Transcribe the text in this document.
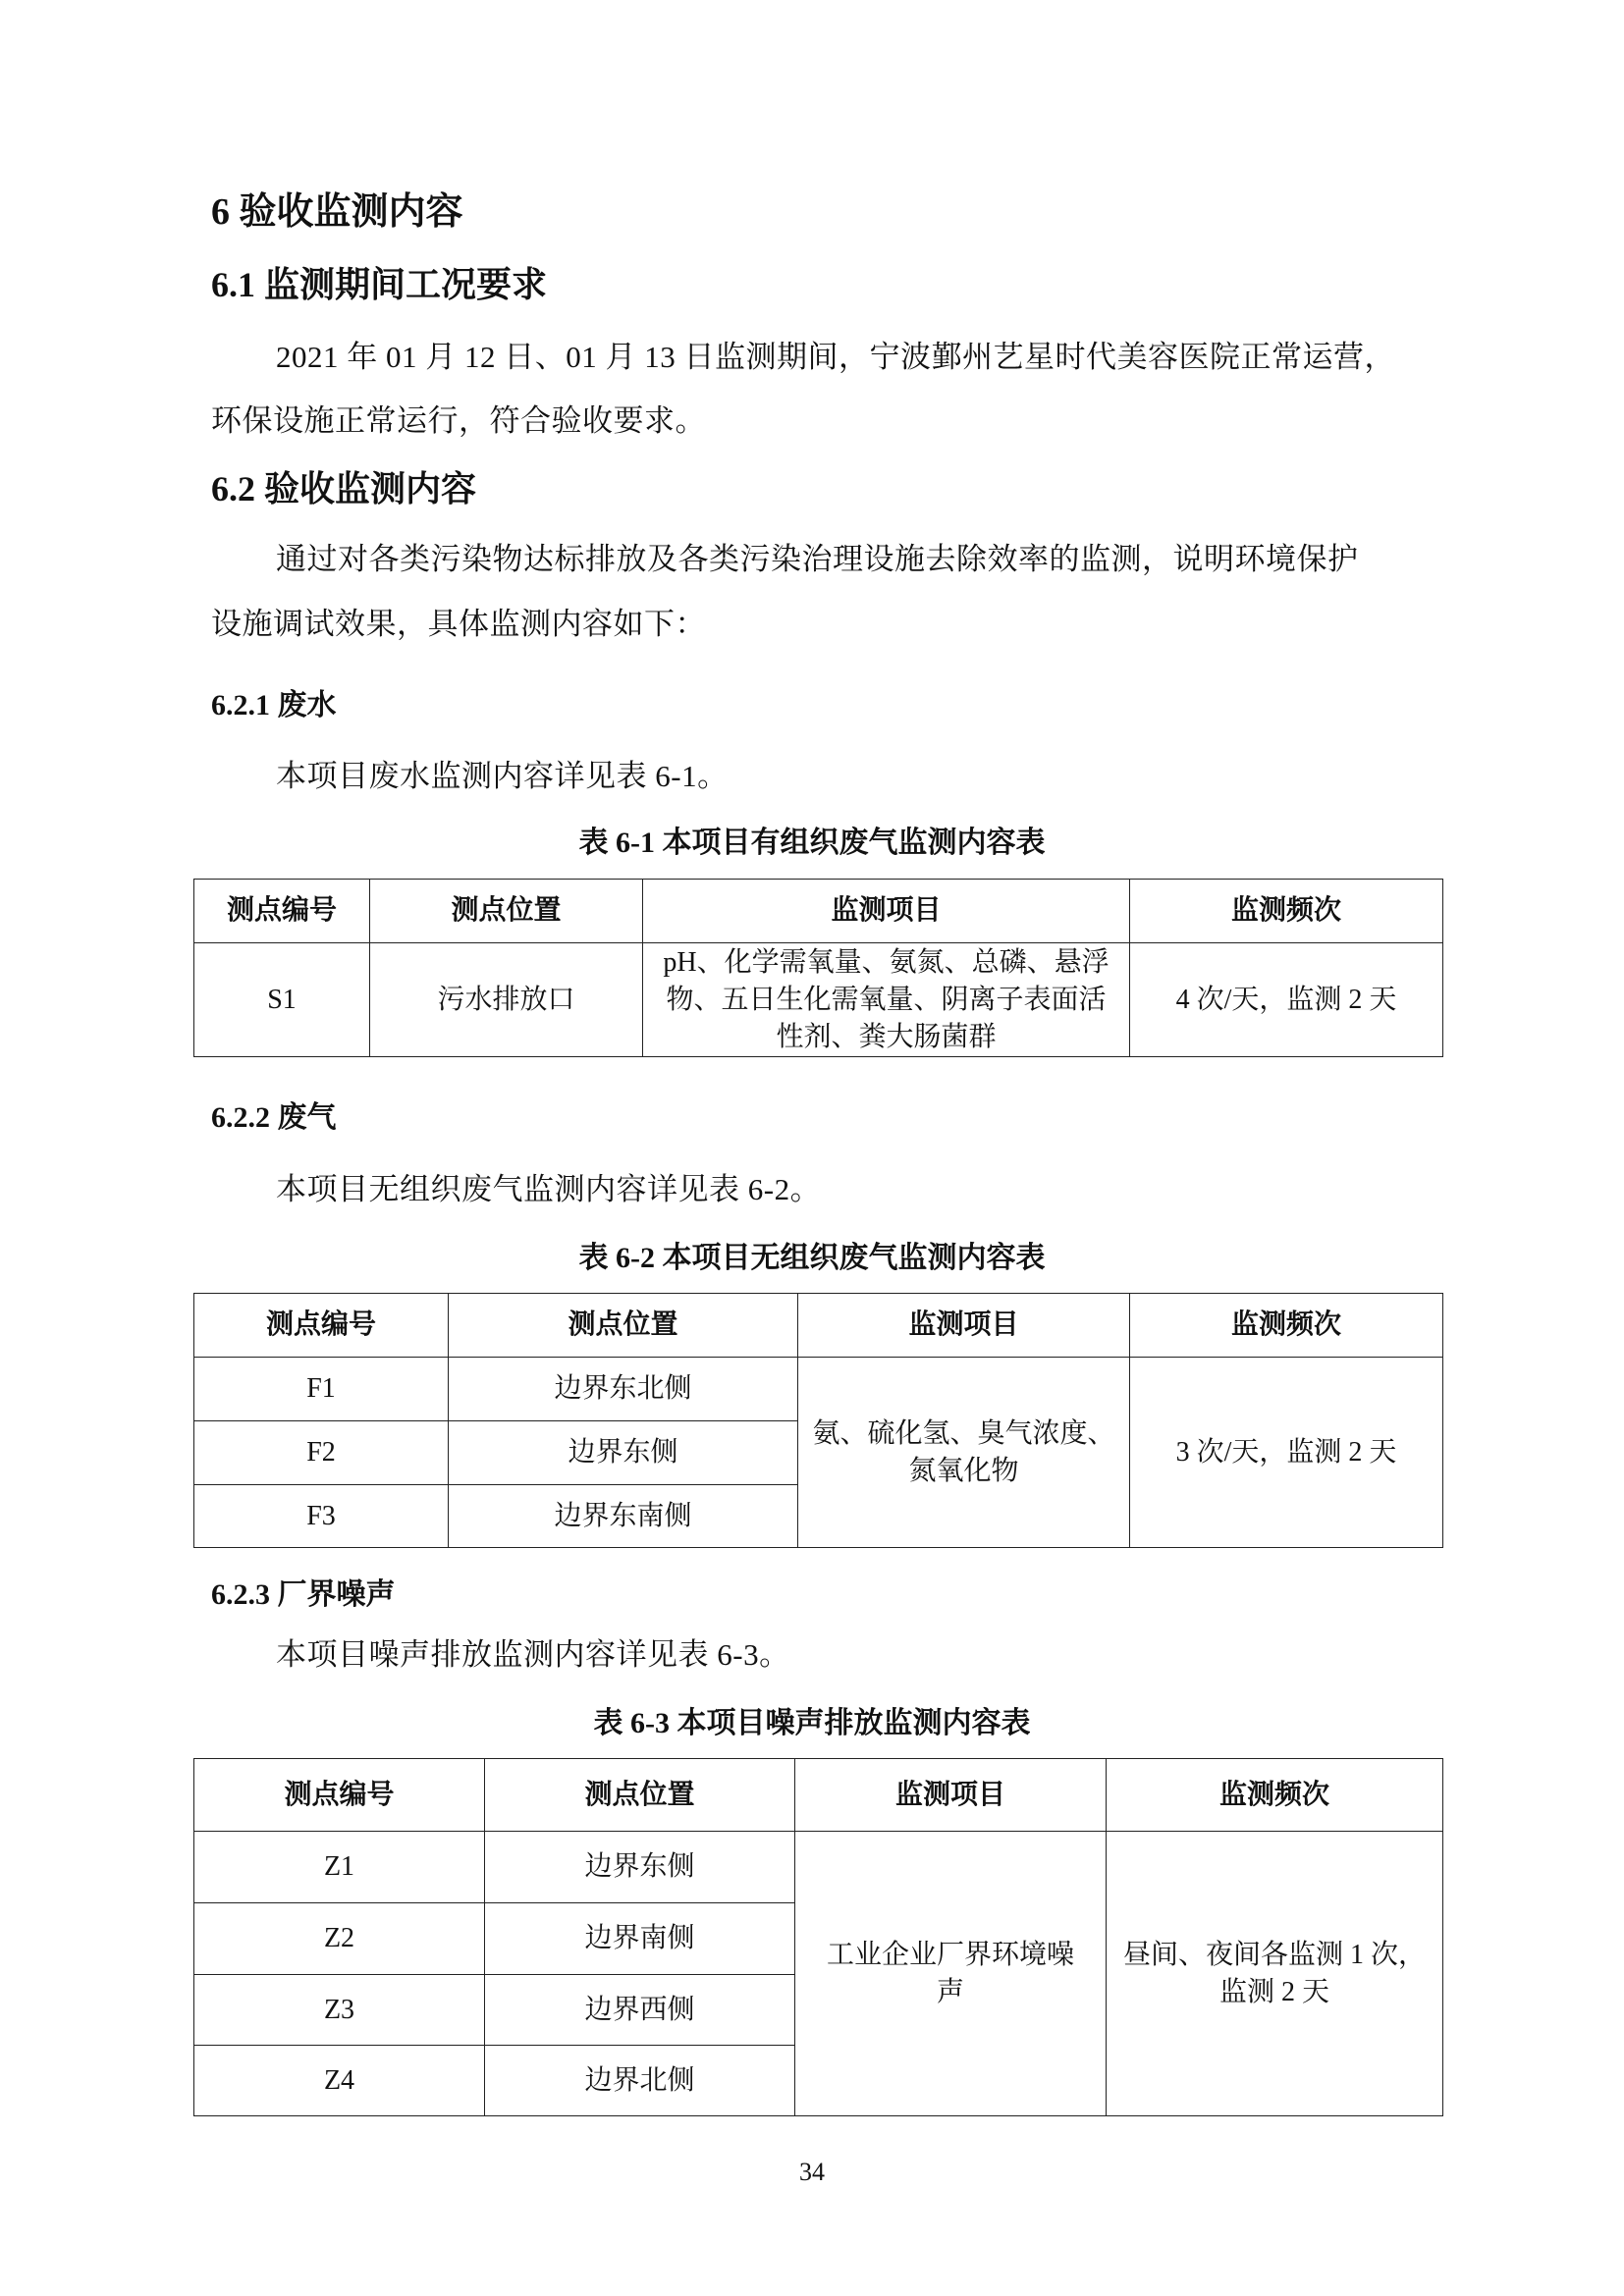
6 验收监测内容
6.1 监测期间工况要求
2021 年 01 月 12 日、01 月 13 日监测期间，宁波鄞州艺星时代美容医院正常运营，
环保设施正常运行，符合验收要求。
6.2 验收监测内容
通过对各类污染物达标排放及各类污染治理设施去除效率的监测，说明环境保护
设施调试效果，具体监测内容如下：
6.2.1 废水
本项目废水监测内容详见表 6-1。
表 6-1 本项目有组织废气监测内容表
测点编号	测点位置	监测项目	监测频次
S1	污水排放口	pH、化学需氧量、氨氮、总磷、悬浮物、五日生化需氧量、阴离子表面活性剂、粪大肠菌群	4 次/天，监测 2 天
6.2.2 废气
本项目无组织废气监测内容详见表 6-2。
表 6-2 本项目无组织废气监测内容表
测点编号	测点位置	监测项目	监测频次
F1	边界东北侧	氨、硫化氢、臭气浓度、氮氧化物	3 次/天，监测 2 天
F2	边界东侧		
F3	边界东南侧		
6.2.3 厂界噪声
本项目噪声排放监测内容详见表 6-3。
表 6-3 本项目噪声排放监测内容表
测点编号	测点位置	监测项目	监测频次
Z1	边界东侧	工业企业厂界环境噪声	昼间、夜间各监测 1 次，监测 2 天
Z2	边界南侧		
Z3	边界西侧		
Z4	边界北侧		
34
